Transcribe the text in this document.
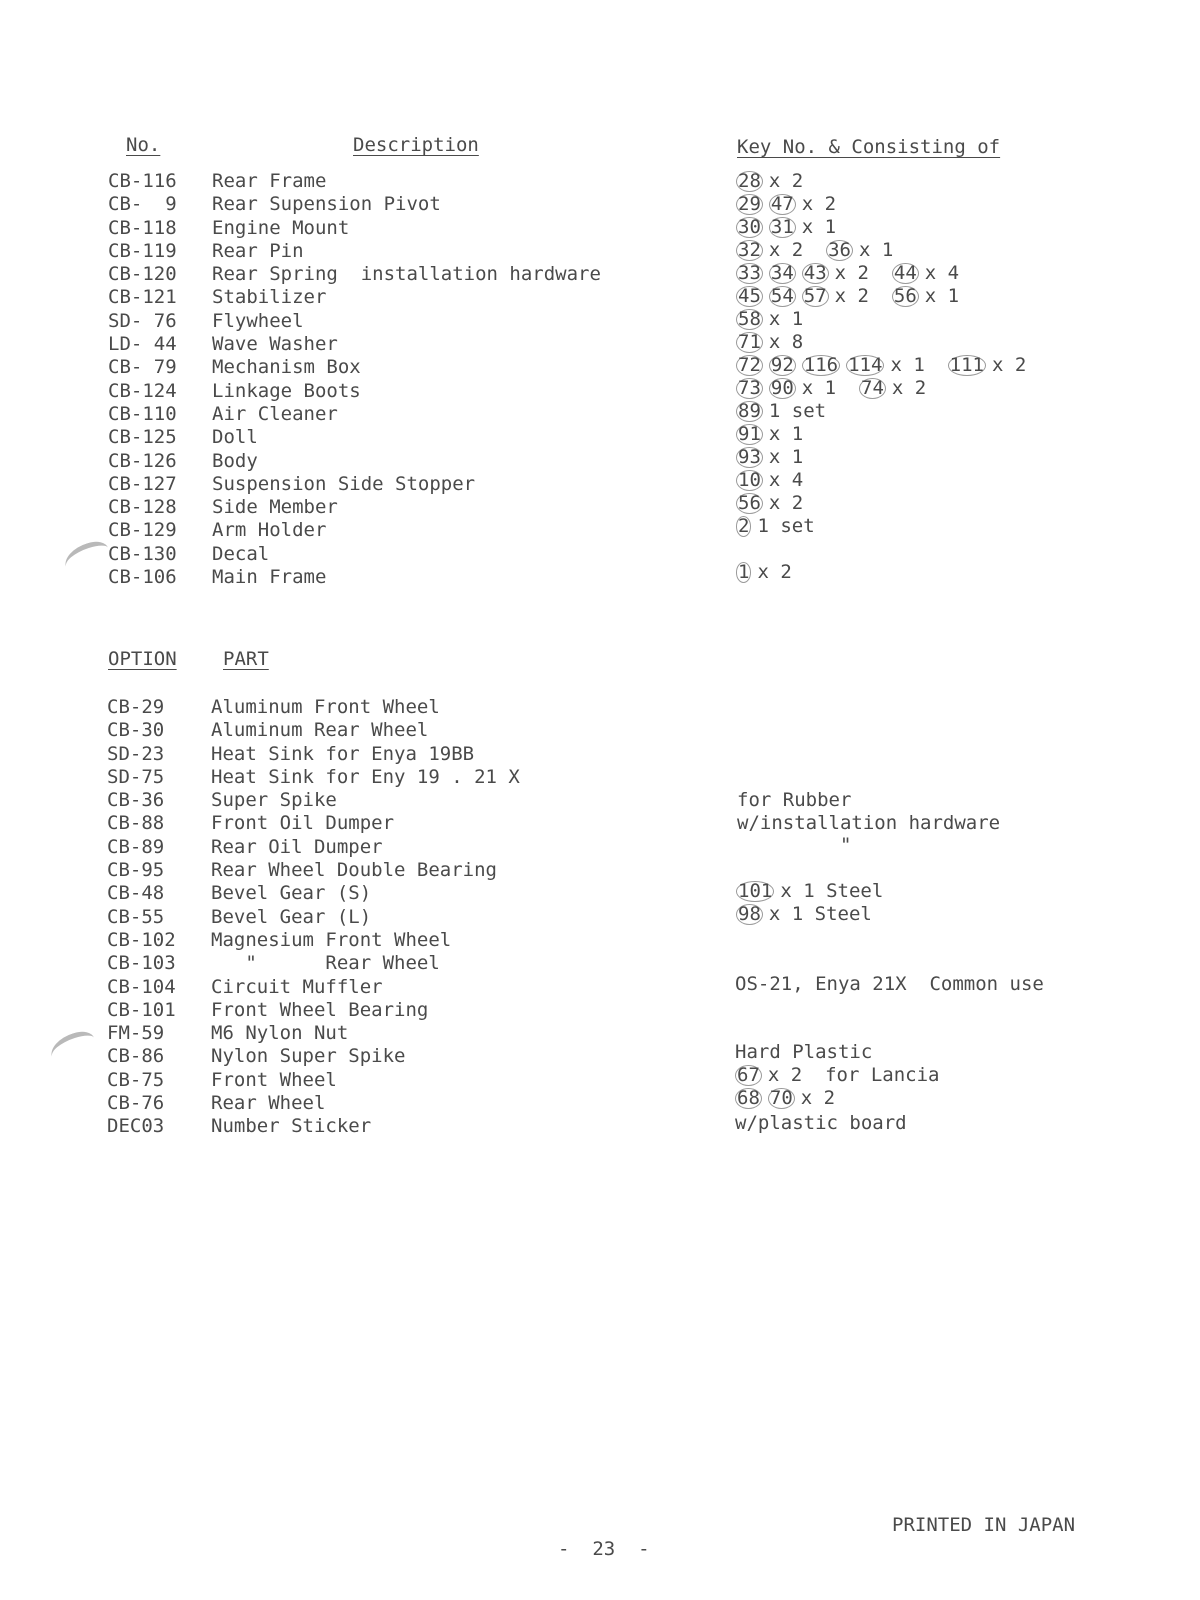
No.	Description	Key No. & Consisting of
CB-116 Rear Frame
CB-  9 Rear Supension Pivot
CB-118 Engine Mount
CB-119 Rear Pin
CB-120 Rear Spring  installation hardware
CB-121 Stabilizer
SD- 76 Flywheel
LD- 44 Wave Washer
CB- 79 Mechanism Box
CB-124 Linkage Boots
CB-110 Air Cleaner
CB-125 Doll
CB-126 Body
CB-127 Suspension Side Stopper
CB-128 Side Member
CB-129 Arm Holder
CB-130 Decal
CB-106 Main Frame
28 x 2
29 47 x 2
30 31 x 1
32 x 2 36 x 1
33 34 43 x 2 44 x 4
45 54 57 x 2 56 x 1
58 x 1
71 x 8
72 92 116 114 x 1 111 x 2
73 90 x 1 74 x 2
89 1 set
91 x 1
93 x 1
10 x 4
56 x 2
2 1 set
1 x 2
OPTION PART
CB-29 Aluminum Front Wheel
CB-30 Aluminum Rear Wheel
SD-23 Heat Sink for Enya 19BB
SD-75 Heat Sink for Eny 19 . 21 X
CB-36 Super Spike
CB-88 Front Oil Dumper
CB-89 Rear Oil Dumper
CB-95 Rear Wheel Double Bearing
CB-48 Bevel Gear (S)
CB-55 Bevel Gear (L)
CB-102 Magnesium Front Wheel
CB-103 "      Rear Wheel
CB-104 Circuit Muffler
CB-101 Front Wheel Bearing
FM-59 M6 Nylon Nut
CB-86 Nylon Super Spike
CB-75 Front Wheel
CB-76 Rear Wheel
DEC03 Number Sticker
for Rubber
w/installation hardware
"
101 x 1 Steel
98 x 1 Steel
OS-21, Enya 21X  Common use
Hard Plastic
67 x 2  for Lancia
68 70 x 2
w/plastic board
PRINTED IN JAPAN
-  23  -
